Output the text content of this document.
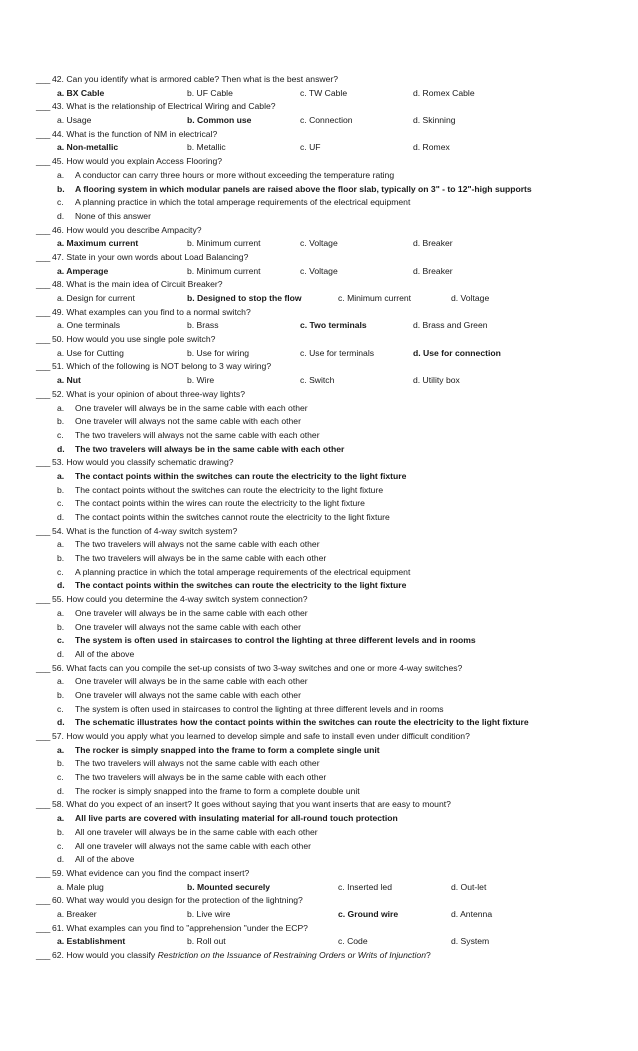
___ 42. Can you identify what is armored cable? Then what is the best answer?
a. BX Cable	b. UF Cable	c. TW Cable	d. Romex Cable
___ 43. What is the relationship of Electrical Wiring and Cable?
a. Usage	b. Common use	c. Connection	d. Skinning
___ 44. What is the function of NM in electrical?
a. Non-metallic	b. Metallic	c. UF	d. Romex
___ 45. How would you explain Access Flooring?
a. A conductor can carry three hours or more without exceeding the temperature rating
b. A flooring system in which modular panels are raised above the floor slab, typically on 3" - to 12"-high supports
c. A planning practice in which the total amperage requirements of the electrical equipment
d. None of this answer
___ 46. How would you describe Ampacity?
a. Maximum current	b. Minimum current	c. Voltage	d. Breaker
___ 47. State in your own words about Load Balancing?
a. Amperage	b. Minimum current	c. Voltage	d. Breaker
___ 48. What is the main idea of Circuit Breaker?
a. Design for current	b. Designed to stop the flow	c. Minimum current	d. Voltage
___ 49. What examples can you find to a normal switch?
a. One terminals	b. Brass	c. Two terminals	d. Brass and Green
___ 50. How would you use single pole switch?
a. Use for Cutting	b. Use for wiring	c. Use for terminals	d. Use for connection
___ 51. Which of the following is NOT belong to 3 way wiring?
a. Nut	b. Wire	c. Switch	d. Utility box
___ 52. What is your opinion of about three-way lights?
a. One traveler will always be in the same cable with each other
b. One traveler will always not the same cable with each other
c. The two travelers will always not the same cable with each other
d. The two travelers will always be in the same cable with each other
___ 53. How would you classify schematic drawing?
a. The contact points within the switches can route the electricity to the light fixture
b. The contact points without the switches can route the electricity to the light fixture
c. The contact points within the wires can route the electricity to the light fixture
d. The contact points within the switches cannot route the electricity to the light fixture
___ 54. What is the function of 4-way switch system?
a. The two travelers will always not the same cable with each other
b. The two travelers will always be in the same cable with each other
c. A planning practice in which the total amperage requirements of the electrical equipment
d. The contact points within the switches can route the electricity to the light fixture
___ 55. How could you determine the 4-way switch system connection?
a. One traveler will always be in the same cable with each other
b. One traveler will always not the same cable with each other
c. The system is often used in staircases to control the lighting at three different levels and in rooms
d. All of the above
___ 56. What facts can you compile the set-up consists of two 3-way switches and one or more 4-way switches?
a. One traveler will always be in the same cable with each other
b. One traveler will always not the same cable with each other
c. The system is often used in staircases to control the lighting at three different levels and in rooms
d. The schematic illustrates how the contact points within the switches can route the electricity to the light fixture
___ 57. How would you apply what you learned to develop simple and safe to install even under difficult condition?
a. The rocker is simply snapped into the frame to form a complete single unit
b. The two travelers will always not the same cable with each other
c. The two travelers will always be in the same cable with each other
d. The rocker is simply snapped into the frame to form a complete double unit
___ 58. What do you expect of an insert? It goes without saying that you want inserts that are easy to mount?
a. All live parts are covered with insulating material for all-round touch protection
b. All one traveler will always be in the same cable with each other
c. All one traveler will always not the same cable with each other
d. All of the above
___ 59. What evidence can you find the compact insert?
a. Male plug	b. Mounted securely	c. Inserted led	d. Out-let
___ 60. What way would you design for the protection of the lightning?
a. Breaker	b. Live wire	c. Ground wire	d. Antenna
___ 61. What examples can you find to "apprehension "under the ECP?
a. Establishment	b. Roll out	c. Code	d. System
___ 62. How would you classify Restriction on the Issuance of Restraining Orders or Writs of Injunction?
